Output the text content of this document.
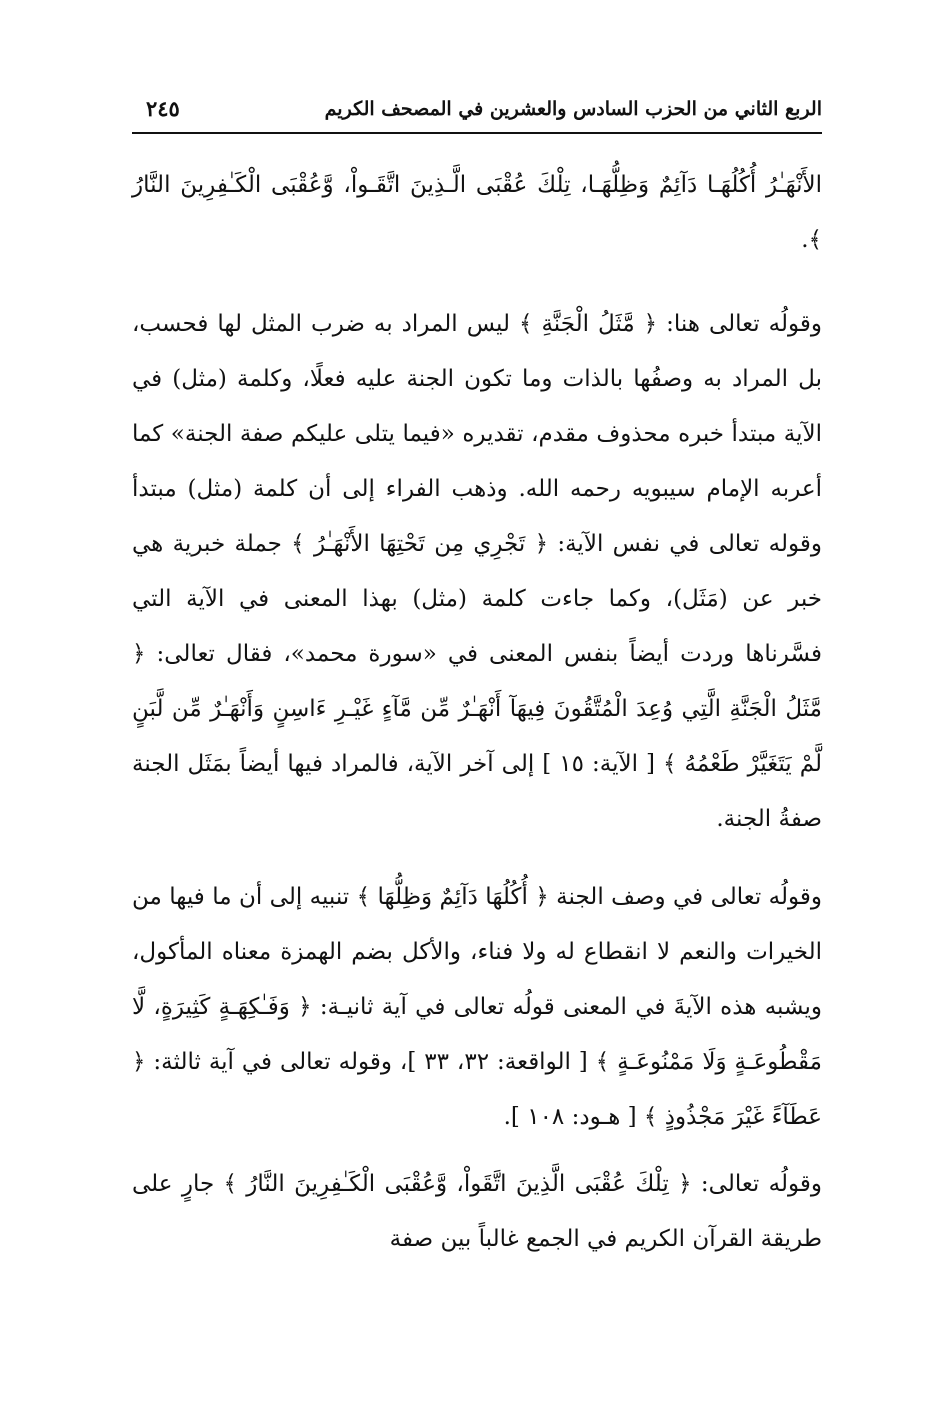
الربع الثاني من الحزب السادس والعشرين في المصحف الكريم
٢٤٥

الأَنْهَـٰرُ أُكُلُهَـا دَآئِمٌ وَظِلُّهَـا، تِلْكَ عُقْبَى الَّـذِينَ اتَّقَـواْ، وَّعُقْبَى الْكَـٰفِرِينَ النَّارُ ﴾.

وقولُه تعالى هنا: ﴿ مَّثَلُ الْجَنَّةِ ﴾ ليس المراد به ضرب المثل لها فحسب، بل المراد به وصفُها بالذات وما تكون الجنة عليه فعلًا، وكلمة (مثل) في الآية مبتدأ خبره محذوف مقدم، تقديره «فيما يتلى عليكم صفة الجنة» كما أعربه الإمام سيبويه رحمه الله. وذهب الفراء إلى أن كلمة (مثل) مبتدأ وقوله تعالى في نفس الآية: ﴿ تَجْرِي مِن تَحْتِهَا الأَنْهَـٰرُ ﴾ جملة خبرية هي خبر عن (مَثَل)، وكما جاءت كلمة (مثل) بهذا المعنى في الآية التي فسَّرناها وردت أيضاً بنفس المعنى في «سورة محمد»، فقال تعالى: ﴿ مَّثَلُ الْجَنَّةِ الَّتِي وُعِدَ الْمُتَّقُونَ فِيهَآ أَنْهَـٰرٌ مِّن مَّآءٍ غَيْـرِ ءَاسِنٍ وَأَنْهَـٰرٌ مِّن لَّبَنٍ لَّمْ يَتَغَيَّرْ طَعْمُهُ ﴾ [ الآية: ١٥ ] إلى آخر الآية، فالمراد فيها أيضاً بمَثَل الجنة صفةُ الجنة.

وقولُه تعالى في وصف الجنة ﴿ أُكُلُهَا دَآئِمٌ وَظِلُّهَا ﴾ تنبيه إلى أن ما فيها من الخيرات والنعم لا انقطاع له ولا فناء، والأكل بضم الهمزة معناه المأكول، ويشبه هذه الآيةَ في المعنى قولُه تعالى في آية ثانيـة: ﴿ وَفَـٰكِهَـةٍ كَثِيرَةٍ، لَّا مَقْطُوعَـةٍ وَلَا مَمْنُوعَـةٍ ﴾ [ الواقعة: ٣٢، ٣٣ ]، وقوله تعالى في آية ثالثة: ﴿ عَطَآءً غَيْرَ مَجْذُوذٍ ﴾ [ هـود: ١٠٨ ].

وقولُه تعالى: ﴿ تِلْكَ عُقْبَى الَّذِينَ اتَّقَواْ، وَّعُقْبَى الْكَـٰفِرِينَ النَّارُ ﴾ جارٍ على طريقة القرآن الكريم في الجمع غالباً بين صفة
